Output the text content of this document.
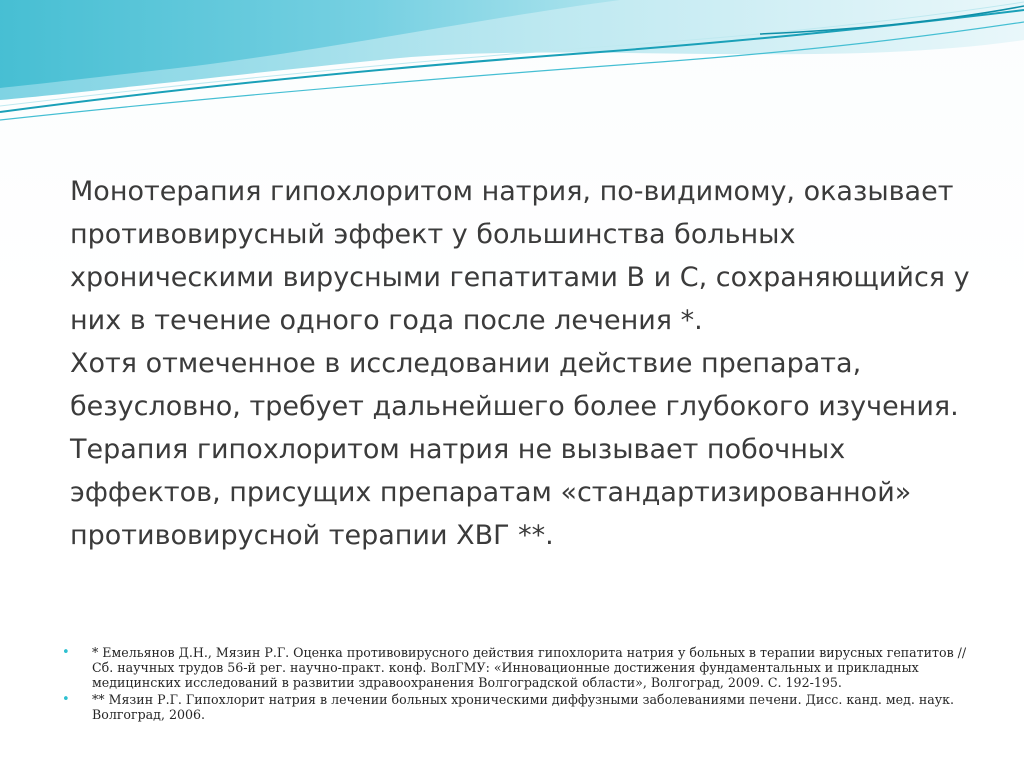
Монотерапия гипохлоритом натрия, по-видимому, оказывает противовирусный эффект у большинства больных хроническими вирусными гепатитами В и С, сохраняющийся у них в течение одного года после лечения *.

Хотя отмеченное в исследовании действие препарата, безусловно, требует дальнейшего более глубокого изучения.

Терапия гипохлоритом натрия не вызывает побочных эффектов, присущих препаратам «стандартизированной» противовирусной терапии ХВГ **.

• * Емельянов Д.Н., Мязин Р.Г. Оценка противовирусного действия гипохлорита натрия у больных в терапии вирусных гепатитов // Сб. научных трудов 56-й рег. научно-практ. конф. ВолГМУ: «Инновационные достижения фундаментальных и прикладных медицинских исследований в развитии здравоохранения Волгоградской области», Волгоград, 2009. С. 192-195.

• ** Мязин Р.Г. Гипохлорит натрия в лечении больных хроническими диффузными заболеваниями печени. Дисс. канд. мед. наук. Волгоград, 2006.
